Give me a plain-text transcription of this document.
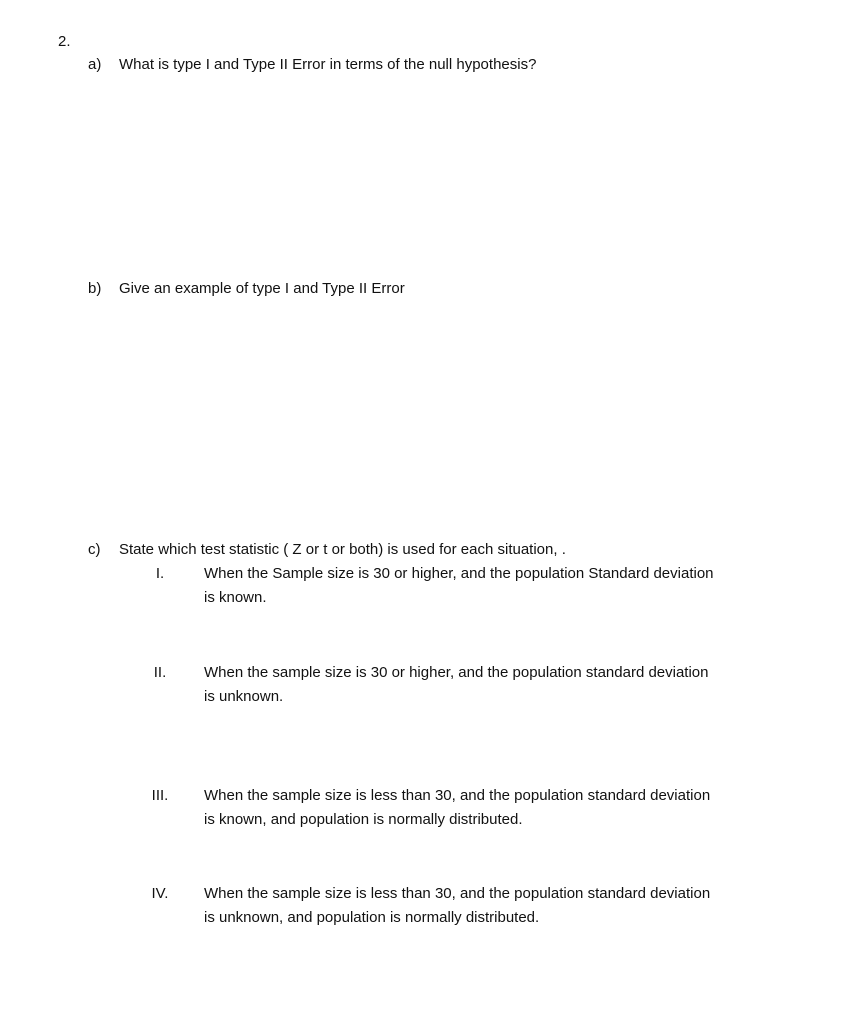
2.
a) What is type I and Type II Error in terms of the null hypothesis?
b) Give an example of type I and Type II Error
c) State which test statistic ( Z or t or both) is used for each situation, .
I.	When the Sample size is 30 or higher, and the population Standard deviation
is known.
II.	When the sample size is 30 or higher, and the population standard deviation
is unknown.
III.	When the sample size is less than 30, and the population standard deviation
is known, and population is normally distributed.
IV.	When the sample size is less than 30, and the population standard deviation
is unknown, and population is normally distributed.
